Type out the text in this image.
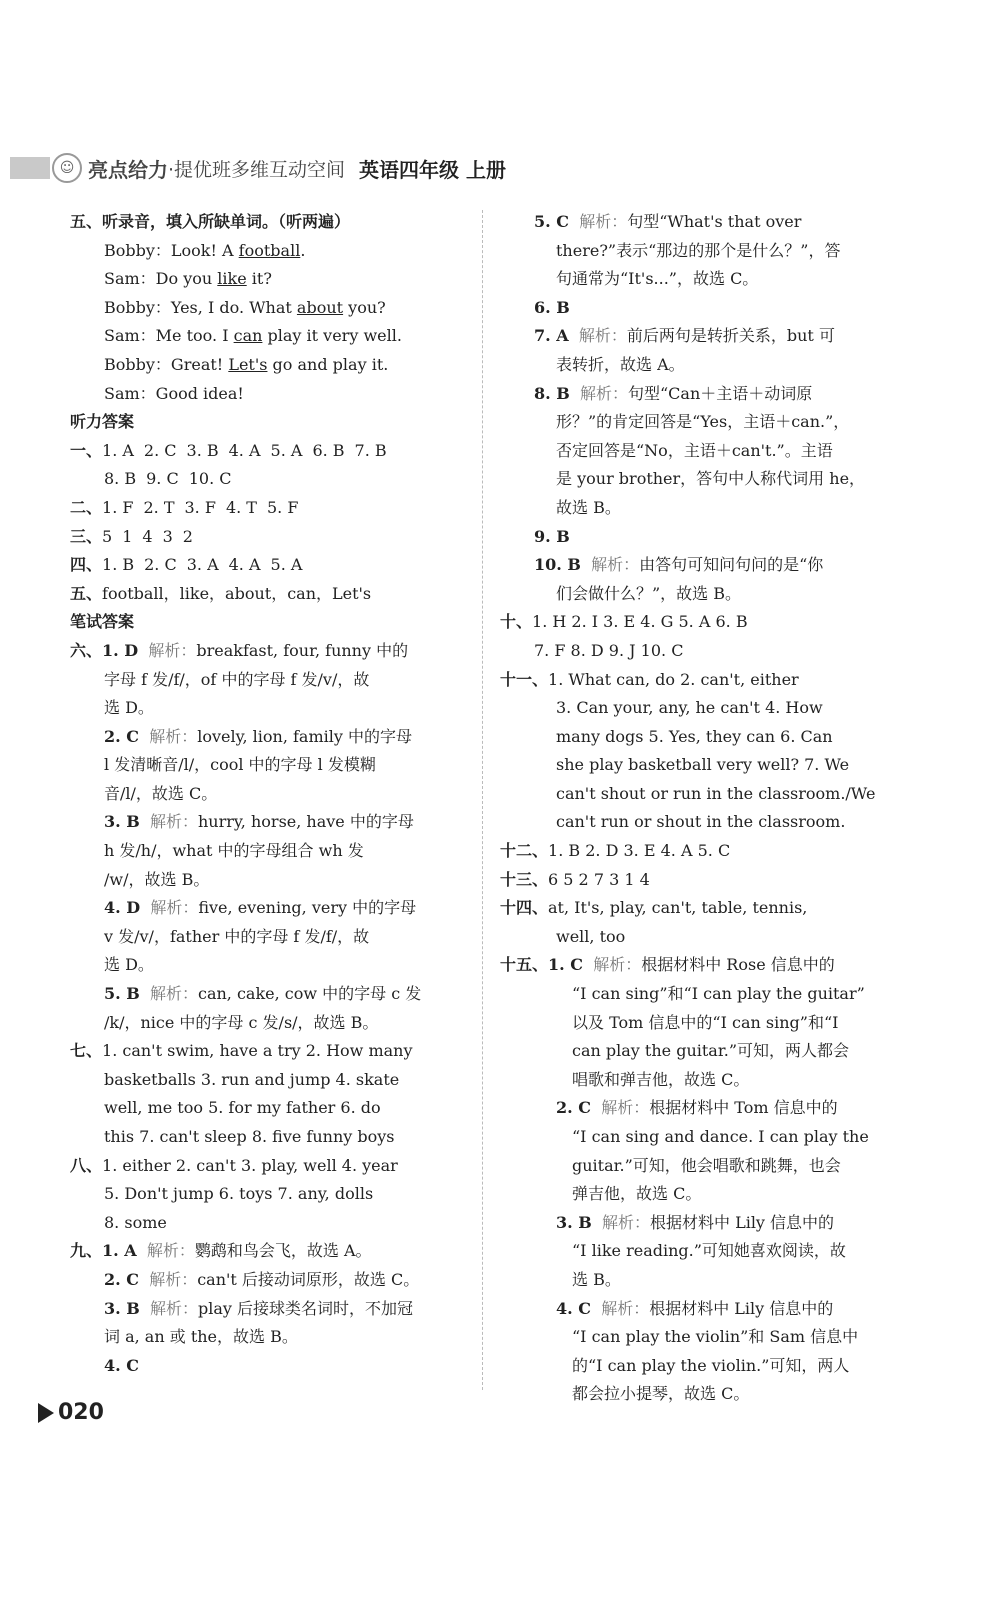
☺ 亮点给力 ·提优班多维互动空间 英语四年级 上册
五、听录音，填入所缺单词。（听两遍）
Bobby：Look! A football.
Sam：Do you like it?
Bobby：Yes, I do. What about you?
Sam：Me too. I can play it very well.
Bobby：Great! Let's go and play it.
Sam：Good idea!
听力答案
一、1. A 2. C 3. B 4. A 5. A 6. B 7. B
8. B 9. C 10. C
二、1. F 2. T 3. F 4. T 5. F
三、5 1 4 3 2
四、1. B 2. C 3. A 4. A 5. A
五、football，like，about，can，Let's
笔试答案
六、1. D 解析：breakfast, four, funny 中的
字母 f 发/f/，of 中的字母 f 发/v/，故
选 D。
2. C 解析：lovely, lion, family 中的字母
l 发清晰音/l/，cool 中的字母 l 发模糊
音/l/，故选 C。
3. B 解析：hurry, horse, have 中的字母
h 发/h/，what 中的字母组合 wh 发
/w/，故选 B。
4. D 解析：five, evening, very 中的字母
v 发/v/，father 中的字母 f 发/f/，故
选 D。
5. B 解析：can, cake, cow 中的字母 c 发
/k/，nice 中的字母 c 发/s/，故选 B。
七、1. can't swim, have a try 2. How many
basketballs 3. run and jump 4. skate
well, me too 5. for my father 6. do
this 7. can't sleep 8. five funny boys
八、1. either 2. can't 3. play, well 4. year
5. Don't jump 6. toys 7. any, dolls
8. some
九、1. A 解析：鹦鹉和鸟会飞，故选 A。
2. C 解析：can't 后接动词原形，故选 C。
3. B 解析：play 后接球类名词时，不加冠
词 a, an 或 the，故选 B。
4. C
5. C 解析：句型“What's that over
there?”表示“那边的那个是什么？”，答
句通常为“It's...”，故选 C。
6. B
7. A 解析：前后两句是转折关系，but 可
表转折，故选 A。
8. B 解析：句型“Can＋主语＋动词原
形？”的肯定回答是“Yes，主语＋can.”，
否定回答是“No，主语＋can't.”。主语
是 your brother，答句中人称代词用 he，
故选 B。
9. B
10. B 解析：由答句可知问句问的是“你
们会做什么？”，故选 B。
十、1. H 2. I 3. E 4. G 5. A 6. B
7. F 8. D 9. J 10. C
十一、1. What can, do 2. can't, either
3. Can your, any, he can't 4. How
many dogs 5. Yes, they can 6. Can
she play basketball very well? 7. We
can't shout or run in the classroom./We
can't run or shout in the classroom.
十二、1. B 2. D 3. E 4. A 5. C
十三、6 5 2 7 3 1 4
十四、at, It's, play, can't, table, tennis,
well, too
十五、1. C 解析：根据材料中 Rose 信息中的
“I can sing”和“I can play the guitar”
以及 Tom 信息中的“I can sing”和“I
can play the guitar.”可知，两人都会
唱歌和弹吉他，故选 C。
2. C 解析：根据材料中 Tom 信息中的
“I can sing and dance. I can play the
guitar.”可知，他会唱歌和跳舞，也会
弹吉他，故选 C。
3. B 解析：根据材料中 Lily 信息中的
“I like reading.”可知她喜欢阅读，故
选 B。
4. C 解析：根据材料中 Lily 信息中的
“I can play the violin”和 Sam 信息中
的“I can play the violin.”可知，两人
都会拉小提琴，故选 C。
020
